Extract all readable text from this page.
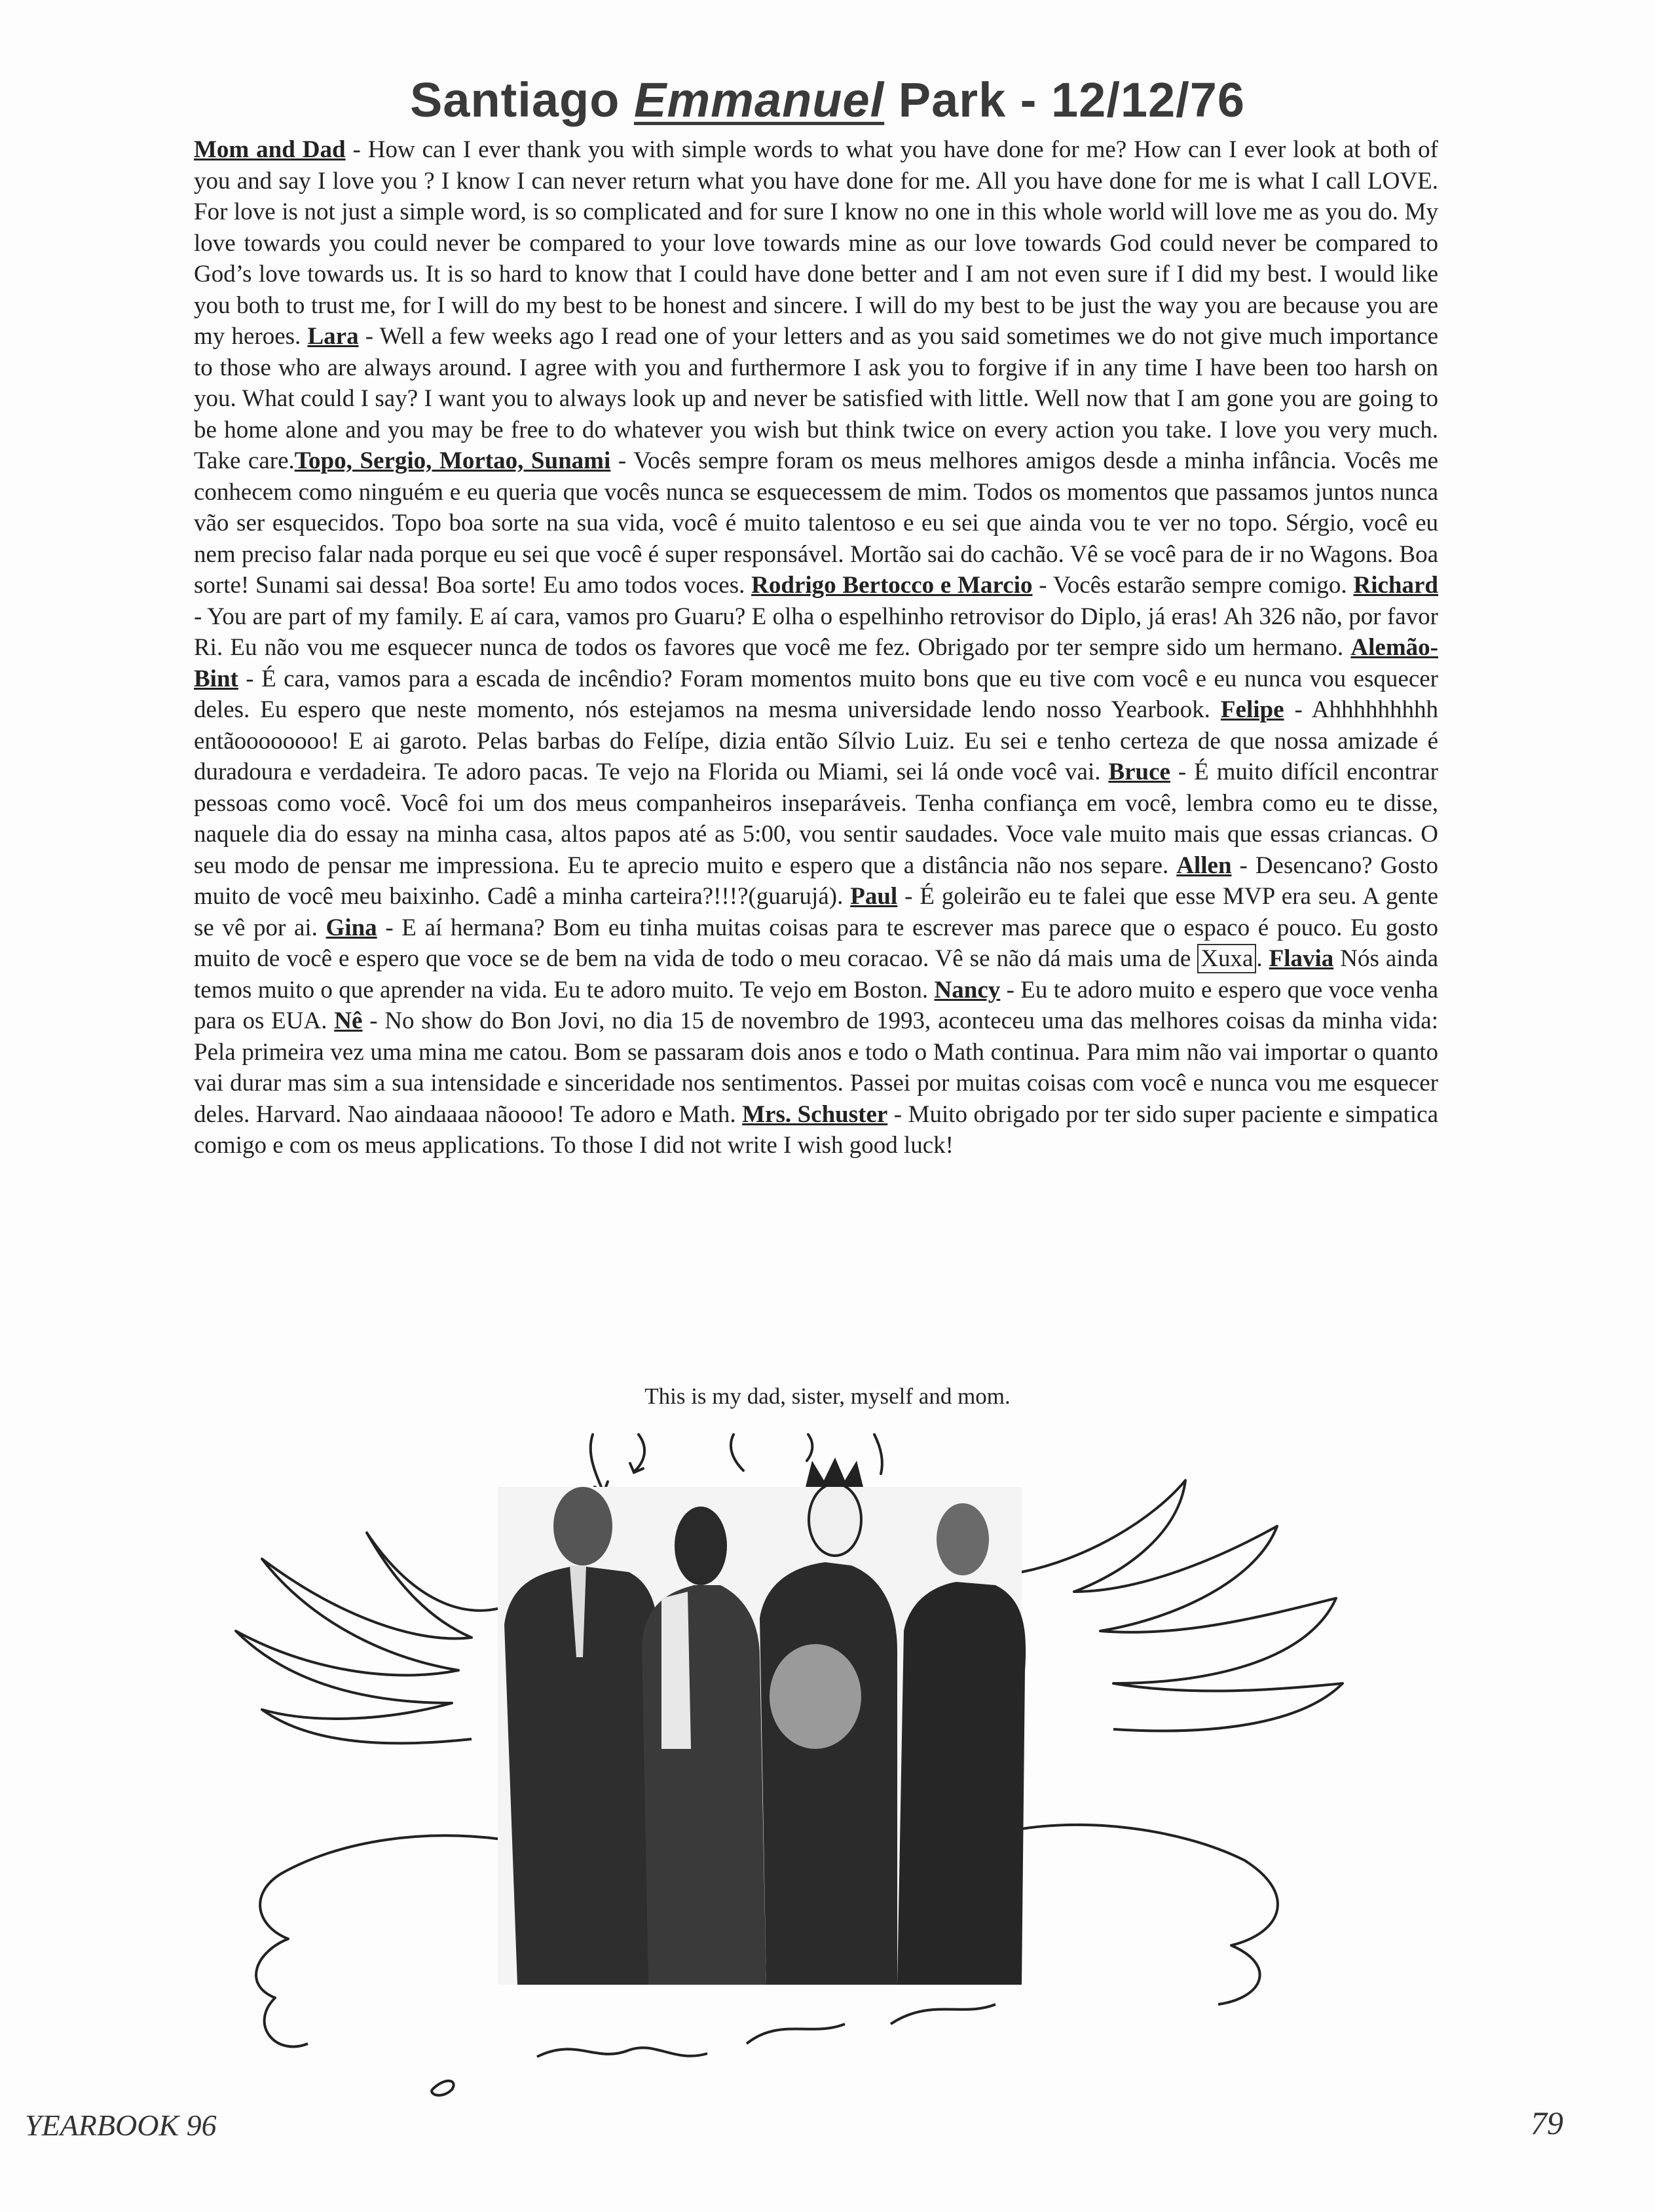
Santiago Emmanuel Park - 12/12/76
Mom and Dad - How can I ever thank you with simple words to what you have done for me? How can I ever look at both of you and say I love you ? I know I can never return what you have done for me. All you have done for me is what I call LOVE. For love is not just a simple word, is so complicated and for sure I know no one in this whole world will love me as you do. My love towards you could never be compared to your love towards mine as our love towards God could never be compared to God’s love towards us. It is so hard to know that I could have done better and I am not even sure if I did my best. I would like you both to trust me, for I will do my best to be honest and sincere. I will do my best to be just the way you are because you are my heroes. Lara - Well a few weeks ago I read one of your letters and as you said sometimes we do not give much importance to those who are always around. I agree with you and furthermore I ask you to forgive if in any time I have been too harsh on you. What could I say? I want you to always look up and never be satisfied with little. Well now that I am gone you are going to be home alone and you may be free to do whatever you wish but think twice on every action you take. I love you very much. Take care.Topo, Sergio, Mortao, Sunami - Vocês sempre foram os meus melhores amigos desde a minha infância. Vocês me conhecem como ninguém e eu queria que vocês nunca se esquecessem de mim. Todos os momentos que passamos juntos nunca vão ser esquecidos. Topo boa sorte na sua vida, você é muito talentoso e eu sei que ainda vou te ver no topo. Sérgio, você eu nem preciso falar nada porque eu sei que você é super responsável. Mortão sai do cachão. Vê se você para de ir no Wagons. Boa sorte! Sunami sai dessa! Boa sorte! Eu amo todos voces. Rodrigo Bertocco e Marcio - Vocês estarão sempre comigo. Richard - You are part of my family. E aí cara, vamos pro Guaru? E olha o espelhinho retrovisor do Diplo, já eras! Ah 326 não, por favor Ri. Eu não vou me esquecer nunca de todos os favores que você me fez. Obrigado por ter sempre sido um hermano. Alemão-Bint - É cara, vamos para a escada de incêndio? Foram momentos muito bons que eu tive com você e eu nunca vou esquecer deles. Eu espero que neste momento, nós estejamos na mesma universidade lendo nosso Yearbook. Felipe - Ahhhhhhhhh entãoooooooo! E ai garoto. Pelas barbas do Felípe, dizia então Sílvio Luiz. Eu sei e tenho certeza de que nossa amizade é duradoura e verdadeira. Te adoro pacas. Te vejo na Florida ou Miami, sei lá onde você vai. Bruce - É muito difícil encontrar pessoas como você. Você foi um dos meus companheiros inseparáveis. Tenha confiança em você, lembra como eu te disse, naquele dia do essay na minha casa, altos papos até as 5:00, vou sentir saudades. Voce vale muito mais que essas criancas. O seu modo de pensar me impressiona. Eu te aprecio muito e espero que a distância não nos separe. Allen - Desencano? Gosto muito de você meu baixinho. Cadê a minha carteira?!!!?(guarujá). Paul - É goleirão eu te falei que esse MVP era seu. A gente se vê por ai. Gina - E aí hermana? Bom eu tinha muitas coisas para te escrever mas parece que o espaco é pouco. Eu gosto muito de você e espero que voce se de bem na vida de todo o meu coracao. Vê se não dá mais uma de Xuxa . Flavia Nós ainda temos muito o que aprender na vida. Eu te adoro muito. Te vejo em Boston. Nancy - Eu te adoro muito e espero que voce venha para os EUA. Nê - No show do Bon Jovi, no dia 15 de novembro de 1993, aconteceu uma das melhores coisas da minha vida: Pela primeira vez uma mina me catou. Bom se passaram dois anos e todo o Math continua. Para mim não vai importar o quanto vai durar mas sim a sua intensidade e sinceridade nos sentimentos. Passei por muitas coisas com você e nunca vou me esquecer deles. Harvard. Nao aindaaaa nãoooo! Te adoro e Math. Mrs. Schuster - Muito obrigado por ter sido super paciente e simpatica comigo e com os meus applications. To those I did not write I wish good luck!
This is my dad, sister, myself and mom.
YEARBOOK 96	79
